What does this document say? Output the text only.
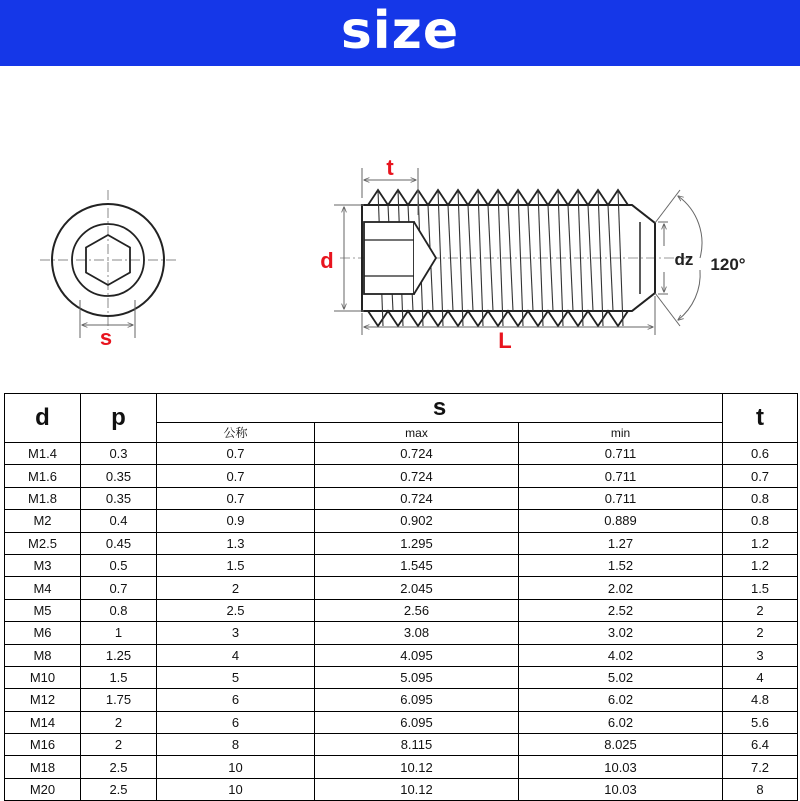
size
s
t
d
L
dz 120°
d	p	s			t
		公称	max	min	
M1.4	0.3	0.7	0.724	0.711	0.6
M1.6	0.35	0.7	0.724	0.711	0.7
M1.8	0.35	0.7	0.724	0.711	0.8
M2	0.4	0.9	0.902	0.889	0.8
M2.5	0.45	1.3	1.295	1.27	1.2
M3	0.5	1.5	1.545	1.52	1.2
M4	0.7	2	2.045	2.02	1.5
M5	0.8	2.5	2.56	2.52	2
M6	1	3	3.08	3.02	2
M8	1.25	4	4.095	4.02	3
M10	1.5	5	5.095	5.02	4
M12	1.75	6	6.095	6.02	4.8
M14	2	6	6.095	6.02	5.6
M16	2	8	8.115	8.025	6.4
M18	2.5	10	10.12	10.03	7.2
M20	2.5	10	10.12	10.03	8
